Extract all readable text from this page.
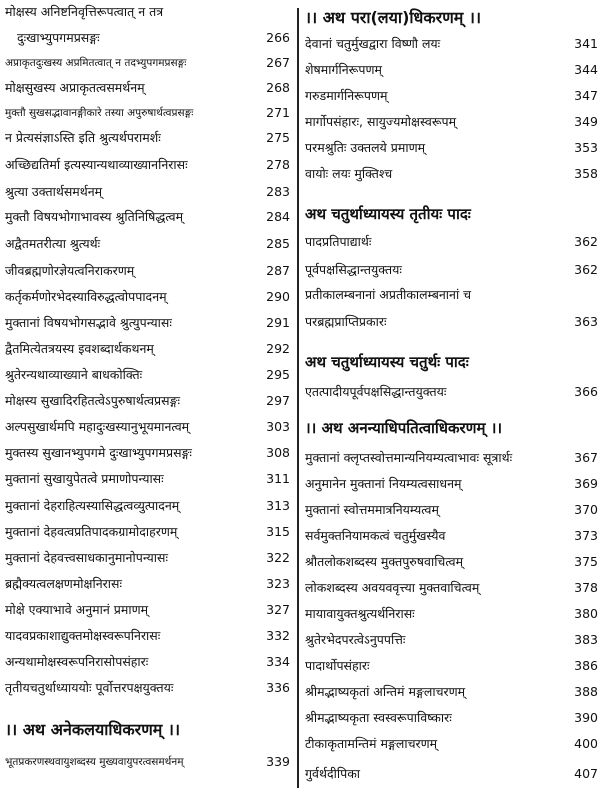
मोक्षस्य अनिष्टनिवृत्तिरूपत्वात् न तत्र
दुःखाभ्युपगमप्रसङ्गः	266
अप्राकृतदुःखस्य अप्रमितत्वात् न तदभ्युपगमप्रसङ्गः	267
मोक्षसुखस्य अप्राकृतत्वसमर्थनम्	268
मुक्तौ सुखसद्भावानङ्गीकारे तस्या अपुरुषार्थत्वप्रसङ्गः	271
न प्रेत्यसंज्ञाऽस्ति इति श्रुत्यर्थपरामर्शः	275
अच्छिद्यतिर्मा इत्यस्यान्यथाव्याख्याननिरासः	278
श्रुत्या उक्तार्थसमर्थनम्	283
मुक्तौ विषयभोगाभावस्य श्रुतिनिषिद्धत्वम्	284
अद्वैतमतरीत्या श्रुत्यर्थः	285
जीवब्रह्मणोरज्ञेयत्वनिराकरणम्	287
कर्तृकर्मणोरभेदस्याविरुद्धत्वोपपादनम्	290
मुक्तानां विषयभोगसद्भावे श्रुत्युपन्यासः	291
द्वैतमित्येतत्रयस्य इवशब्दार्थकथनम्	292
श्रुतेरन्यथाव्याख्याने बाधकोक्तिः	295
मोक्षस्य सुखादिरहितत्वेऽपुरुषार्थत्वप्रसङ्गः	297
अल्पसुखार्थमपि महादुःखस्यानुभूयमानत्वम्	303
मुक्तस्य सुखानभ्युपगमे दुःखाभ्युपगमप्रसङ्गः	308
मुक्तानां सुखायुपेतत्वे प्रमाणोपन्यासः	311
मुक्तानां देहराहित्यस्यासिद्धत्वव्युत्पादनम्	313
मुक्तानां देहवत्वप्रतिपादकग्रामोदाहरणम्	315
मुक्तानां देहवत्त्वसाधकानुमानोपन्यासः	322
ब्रह्मैक्यत्वलक्षणमोक्षनिरासः	323
मोक्षे एक्याभावे अनुमानं प्रमाणम्	327
यादवप्रकाशाद्युक्तमोक्षस्वरूपनिरासः	332
अन्यथामोक्षस्वरूपनिरासोपसंहारः	334
तृतीयचतुर्थाध्याययोः पूर्वोत्तरपक्षयुक्तयः	336
।। अथ अनेकलयाधिकरणम् ।।
भूतप्रकरणस्थवायुशब्दस्य मुख्यवायुपरत्वसमर्थनम्	339
।। अथ परा(लया)धिकरणम् ।।
देवानां चतुर्मुखद्वारा विष्णौ लयः	341
शेषमार्गनिरूपणम्	344
गरुडमार्गनिरूपणम्	347
मार्गोपसंहारः, सायुज्यमोक्षस्वरूपम्	349
परमश्रुतिः उक्तलये प्रमाणम्	353
वायोः लयः मुक्तिश्च	358
अथ चतुर्थाध्यायस्य तृतीयः पादः
पादप्रतिपाद्यार्थः	362
पूर्वपक्षसिद्धान्तयुक्तयः	362
प्रतीकालम्बनानां अप्रतीकालम्बनानां च
परब्रह्मप्राप्तिप्रकारः	363
अथ चतुर्थाध्यायस्य चतुर्थः पादः
एतत्पादीयपूर्वपक्षसिद्धान्तयुक्तयः	366
।। अथ अनन्याधिपतित्वाधिकरणम् ।।
मुक्तानां क्लृप्तस्वोत्तमान्यनियम्यत्वाभावः सूत्रार्थः	367
अनुमानेन मुक्तानां नियम्यत्वसाधनम्	369
मुक्तानां स्वोत्तममात्रनियम्यत्वम्	370
सर्वमुक्तनियामकत्वं चतुर्मुखस्यैव	373
श्रौतलोकशब्दस्य मुक्तपुरुषवाचित्वम्	375
लोकशब्दस्य अवयववृत्त्या मुक्तवाचित्वम्	378
मायावायुक्तश्रुत्यर्थनिरासः	380
श्रुतेरभेदपरत्वेऽनुपपत्तिः	383
पादार्थोपसंहारः	386
श्रीमद्भाष्यकृतां अन्तिमं मङ्गलाचरणम्	388
श्रीमद्भाष्यकृता स्वस्वरूपाविष्कारः	390
टीकाकृतामन्तिमं मङ्गलाचरणम्	400
गुर्वर्थदीपिका	407
